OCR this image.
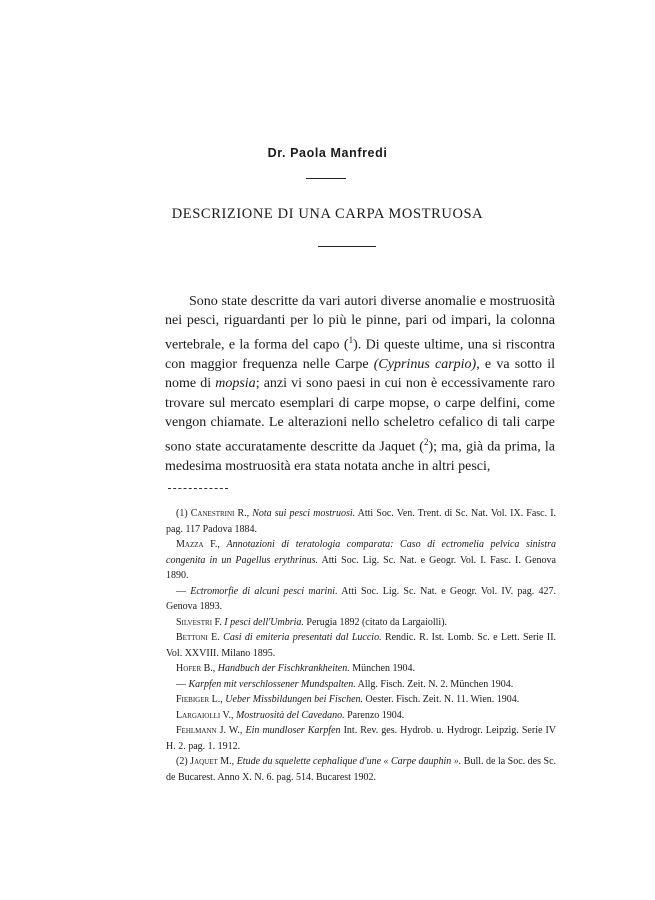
Dr. Paola Manfredi
DESCRIZIONE DI UNA CARPA MOSTRUOSA

Sono state descritte da vari autori diverse anomalie e mostruosità nei pesci, riguardanti per lo più le pinne, pari od impari, la colonna vertebrale, e la forma del capo ($^1$). Di queste ultime, una si riscontra con maggior frequenza nelle Carpe (Cyprinus carpio), e va sotto il nome di mopsia; anzi vi sono paesi in cui non è eccessivamente raro trovare sul mercato esemplari di carpe mopse, o carpe delfini, come vengon chiamate. Le alterazioni nello scheletro cefalico di tali carpe sono state accuratamente descritte da Jaquet ($^2$); ma, già da prima, la medesima mostruosità era stata notata anche in altri pesci,

(1) Canestrini R., Nota sui pesci mostruosi. Atti Soc. Ven. Trent. di Sc. Nat. Vol. IX. Fasc. I. pag. 117 Padova 1884.

Mazza F., Annotazioni di teratologia comparata: Caso di ectromelia pelvica sinistra congenita in un Pagellus erythrinus. Atti Soc. Lig. Sc. Nat. e Geogr. Vol. I. Fasc. I. Genova 1890.

— Ectromorfie di alcuni pesci marini. Atti Soc. Lig. Sc. Nat. e Geogr. Vol. IV. pag. 427. Genova 1893.

Silvestri F. I pesci dell'Umbria. Perugia 1892 (citato da Largaiolli).

Bettoni E. Casi di emiteria presentati dal Luccio. Rendic. R. Ist. Lomb. Sc. e Lett. Serie II. Vol. XXVIII. Milano 1895.

Hofer B., Handbuch der Fischkrankheiten. München 1904.

— Karpfen mit verschlossener Mundspalten. Allg. Fisch. Zeit. N. 2. München 1904.

Fiebiger L., Ueber Missbildungen bei Fischen. Oester. Fisch. Zeit. N. 11. Wien. 1904.

Largaiolli V., Mostruosità del Cavedano. Parenzo 1904.

Fehlmann J. W., Ein mundloser Karpfen Int. Rev. ges. Hydrob. u. Hydrogr. Leipzig. Serie IV H. 2. pag. 1. 1912.

(2) Jaquet M., Etude du squelette cephalique d'une « Carpe dauphin ». Bull. de la Soc. des Sc. de Bucarest. Anno X. N. 6. pag. 514. Bucarest 1902.
